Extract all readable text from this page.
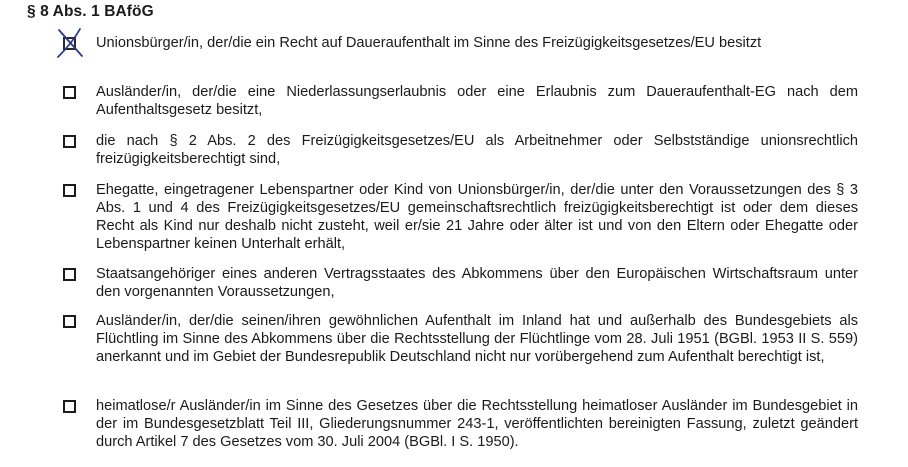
§ 8 Abs. 1 BAföG
Unionsbürger/in, der/die ein Recht auf Daueraufenthalt im Sinne des Freizügigkeitsgesetzes/EU besitzt
Ausländer/in, der/die eine Niederlassungserlaubnis oder eine Erlaubnis zum Daueraufenthalt-EG nach dem Aufenthaltsgesetz besitzt,
die nach § 2 Abs. 2 des Freizügigkeitsgesetzes/EU als Arbeitnehmer oder Selbstständige unionsrechtlich freizügigkeitsberechtigt sind,
Ehegatte, eingetragener Lebenspartner oder Kind von Unionsbürger/in, der/die unter den Voraussetzungen des § 3 Abs. 1 und 4 des Freizügigkeitsgesetzes/EU gemeinschaftsrechtlich freizügigkeitsberechtigt ist oder dem dieses Recht als Kind nur deshalb nicht zusteht, weil er/sie 21 Jahre oder älter ist und von den Eltern oder Ehegatte oder Lebenspartner keinen Unterhalt erhält,
Staatsangehöriger eines anderen Vertragsstaates des Abkommens über den Europäischen Wirtschaftsraum unter den vorgenannten Voraussetzungen,
Ausländer/in, der/die seinen/ihren gewöhnlichen Aufenthalt im Inland hat und außerhalb des Bundesgebiets als Flüchtling im Sinne des Abkommens über die Rechtsstellung der Flüchtlinge vom 28. Juli 1951 (BGBl. 1953 II S. 559) anerkannt und im Gebiet der Bundesrepublik Deutschland nicht nur vorübergehend zum Aufenthalt berechtigt ist,
heimatlose/r Ausländer/in im Sinne des Gesetzes über die Rechtsstellung heimatloser Ausländer im Bundesgebiet in der im Bundesgesetzblatt Teil III, Gliederungsnummer 243-1, veröffentlichten bereinigten Fassung, zuletzt geändert durch Artikel 7 des Gesetzes vom 30. Juli 2004 (BGBl. I S. 1950).
